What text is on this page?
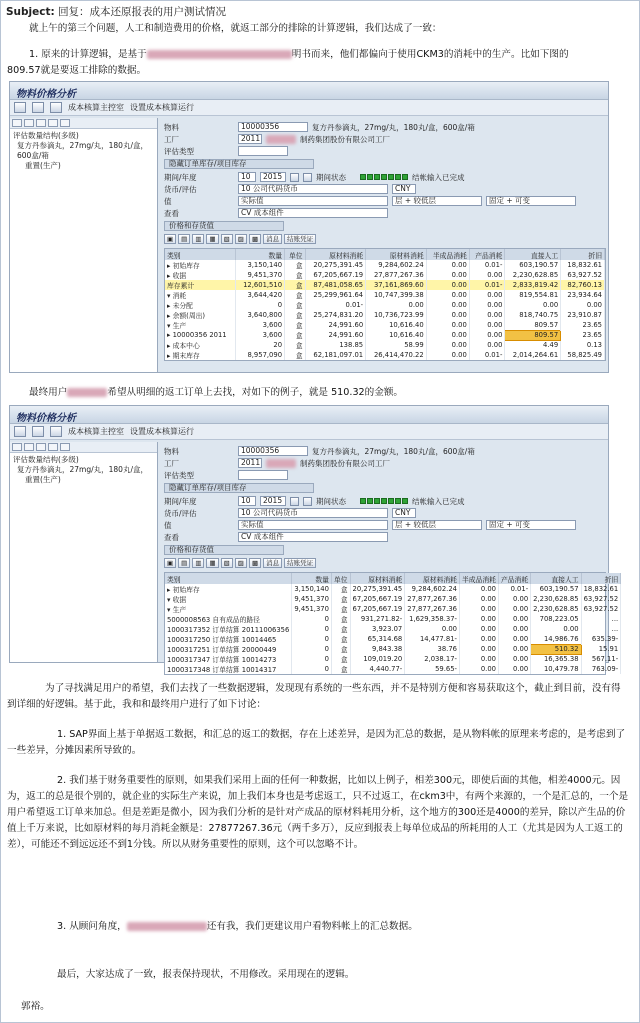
Subject: 回复：成本还原报表的用户测试情况
就上午的第三个问题，人工和制造费用的价格，就返工部分的排除的计算逻辑，我们达成了一致：
1. 原来的计算逻辑，是基于	明书而来，他们都偏向于使用CKM3的消耗中的生产。比如下图的
809.57就是要返工排除的数据。
物料价格分析
成本核算主控室 设置成本核算运行
评估数量结构(多级)
复方丹参滴丸，27mg/丸，180丸/盒，600盒/箱
重置(生产)
物料	10000356	复方丹参滴丸，27mg/丸，180丸/盒，600盒/箱
工厂	2011	制药集团股份有限公司工厂
评估类型
隐藏订单库存/项目库存
期间/年度	10	2015	期间状态	结帐输入已完成
货币/评估	10 公司代码货币	CNY
值	实际值	层 + 较低层	固定 + 可变
查看	CV 成本组件
价格和存货值
▣	▤	▥	▦	▧	▨	▩	消息	结账凭证
类别	数量	单位	原材料消耗	原材料消耗	半成品消耗	产品消耗	直接人工	折旧
▸ 初始库存	3,150,140	盒	20,275,391.45	9,284,602.24	0.00	0.01-	603,190.57	18,832.61
▸ 收据	9,451,370	盒	67,205,667.19	27,877,267.36	0.00	0.00	2,230,628.85	63,927.52
库存累计	12,601,510	盒	87,481,058.65	37,161,869.60	0.00	0.01-	2,833,819.42	82,760.13
▾ 消耗	3,644,420	盒	25,299,961.64	10,747,399.38	0.00	0.00	819,554.81	23,934.64
▸ 未分配	0	盒	0.01-	0.00	0.00	0.00	0.00	0.00
▸ 余额(周出)	3,640,800	盒	25,274,831.20	10,736,723.99	0.00	0.00	818,740.75	23,910.87
▾ 生产	3,600	盒	24,991.60	10,616.40	0.00	0.00	809.57	23.65
▸ 10000356 2011	3,600	盒	24,991.60	10,616.40	0.00	0.00	809.57	23.65
▸ 成本中心	20	盒	138.85	58.99	0.00	0.00	4.49	0.13
▸ 期末库存	8,957,090	盒	62,181,097.01	26,414,470.22	0.00	0.01-	2,014,264.61	58,825.49
最终用户	希望从明细的返工订单上去找，对如下的例子，就是 510.32的金额。
物料价格分析
成本核算主控室 设置成本核算运行
评估数量结构(多级)
复方丹参滴丸，27mg/丸，180丸/盒，
重置(生产)
物料	10000356	复方丹参滴丸，27mg/丸，180丸/盒，600盒/箱
工厂	2011	制药集团股份有限公司工厂
评估类型
隐藏订单库存/项目库存
期间/年度	10	2015	期间状态	结帐输入已完成
货币/评估	10 公司代码货币	CNY
值	实际值	层 + 较低层	固定 + 可变
查看	CV 成本组件
价格和存货值
▣	▤	▥	▦	▧	▨	▩	消息	结账凭证
类别	数量	单位	原材料消耗	原材料消耗	半成品消耗	产品消耗	直接人工	折旧
▸ 初始库存	3,150,140	盒	20,275,391.45	9,284,602.24	0.00	0.01-	603,190.57	18,832.61
▾ 收据	9,451,370	盒	67,205,667.19	27,877,267.36	0.00	0.00	2,230,628.85	63,927.52
▾ 生产	9,451,370	盒	67,205,667.19	27,877,267.36	0.00	0.00	2,230,628.85	63,927.52
5000008563 自有成品的路径	0	盒	931,271.82-	1,629,358.37-	0.00	0.00	708,223.05	...
1000317352 订单结算 20111006356	0	盒	3,923.07	0.00	0.00	0.00	0.00	...
1000317250 订单结算 10014465	0	盒	65,314.68	14,477.81-	0.00	0.00	14,986.76	635.39-
1000317251 订单结算 20000449	0	盒	9,843.38	38.76	0.00	0.00	510.32	15.91
1000317347 订单结算 10014273	0	盒	109,019.20	2,038.17-	0.00	0.00	16,365.38	567.11-
1000317348 订单结算 10014317	0	盒	4,440.77-	59.65-	0.00	0.00	10,479.78	763.09-
为了寻找满足用户的希望，我们去找了一些数据逻辑，发现现有系统的一些东西，并不是特别方便和容易获取这个，截止到目前，没有得到详细的好逻辑。基于此，我和和最终用户进行了如下讨论：
1. SAP界面上基于单据返工数据，和汇总的返工的数据，存在上述差异，是因为汇总的数据，是从物料帐的原理来考虑的，是考虑到了一些差异，分摊因素所导致的。
2. 我们基于财务重要性的原则，如果我们采用上面的任何一种数据，比如以上例子，相差300元，即使后面的其他，相差4000元。因为，返工的总是很个别的，就企业的实际生产来说，加上我们本身也是考虑返工，只不过返工，在ckm3中，有两个来源的，一个是汇总的，一个是用户希望返工订单来加总。但是差距是微小，因为我们分析的是针对产成品的原材料耗用分析，这个地方的300还是4000的差异，除以产生品的价值上千万来说，比如原材料的每月消耗金额是：27877267.36元（两千多万），反应到报表上每单位成品的所耗用的人工（尤其是因为人工返工的差），可能还不到远远还不到1分钱。所以从财务重要性的原则，这个可以忽略不计。
3. 从顾问角度，	还有我，我们更建议用户看物料帐上的汇总数据。
最后，大家达成了一致，报表保持现状，不用修改。采用现在的逻辑。
郭裕。
